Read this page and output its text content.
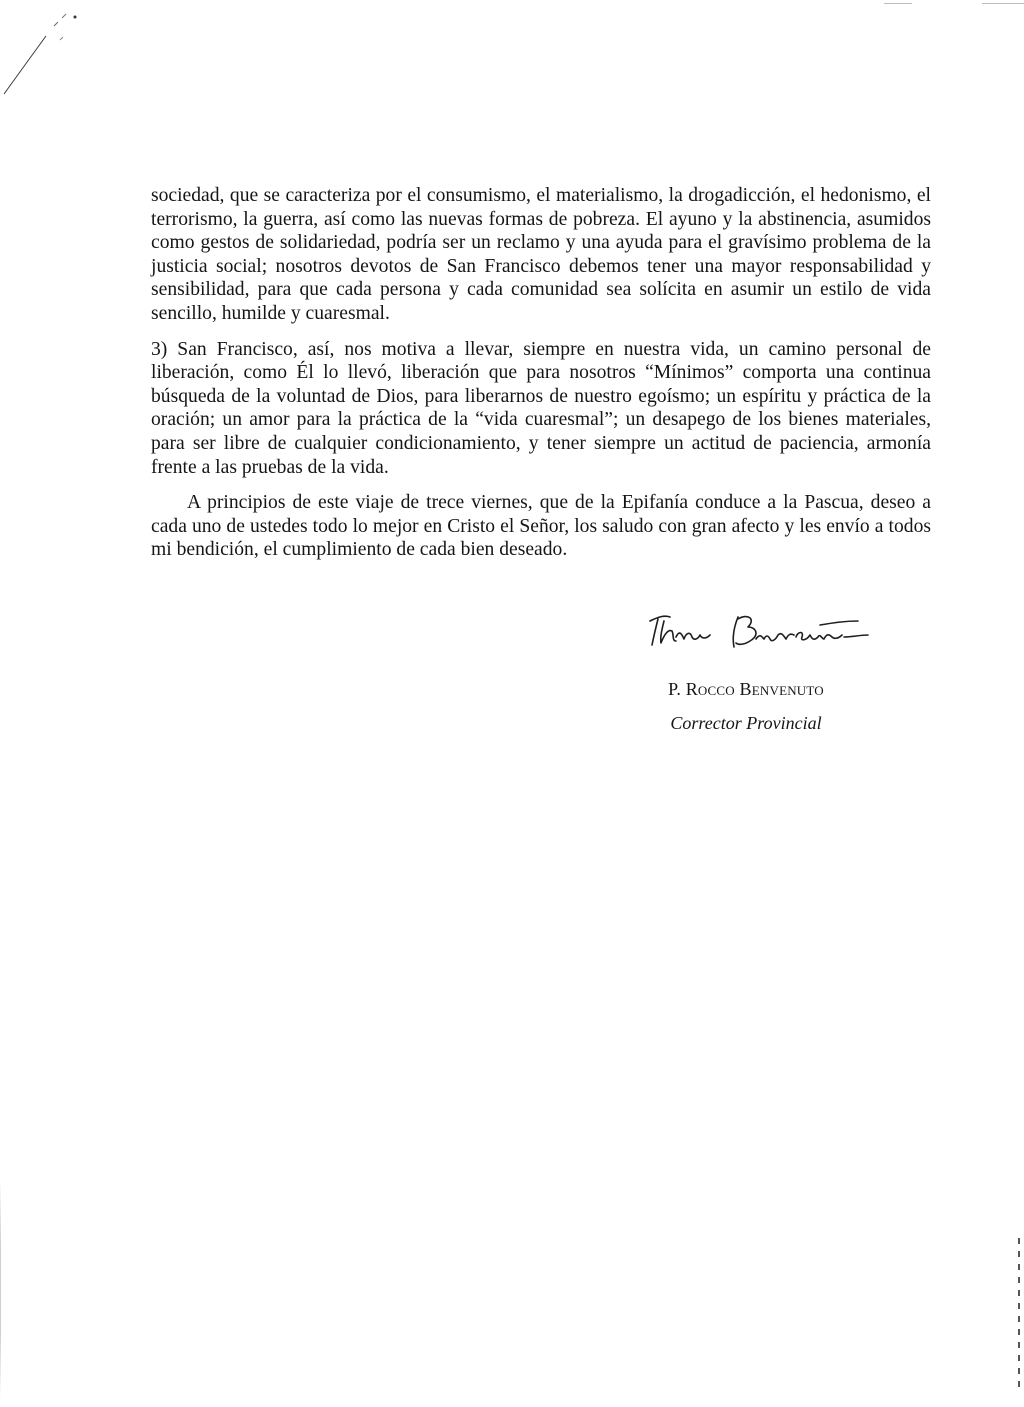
sociedad, que se caracteriza por el consumismo, el materialismo, la drogadicción, el hedonismo, el terrorismo, la guerra, así como las nuevas formas de pobreza. El ayuno y la abstinencia, asumidos como gestos de solidariedad, podría ser un reclamo y una ayuda para el gravísimo problema de la justicia social; nosotros devotos de San Francisco debemos tener una mayor responsabilidad y sensibilidad, para que cada persona y cada comunidad sea solícita en asumir un estilo de vida sencillo, humilde y cuaresmal.

3) San Francisco, así, nos motiva a llevar, siempre en nuestra vida, un camino personal de liberación, como Él lo llevó, liberación que para nosotros “Mínimos” comporta una continua búsqueda de la voluntad de Dios, para liberarnos de nuestro egoísmo; un espíritu y práctica de la oración; un amor para la práctica de la “vida cuaresmal”; un desapego de los bienes materiales, para ser libre de cualquier condicionamiento, y tener siempre un actitud de paciencia, armonía frente a las pruebas de la vida.

A principios de este viaje de trece viernes, que de la Epifanía conduce a la Pascua, deseo a cada uno de ustedes todo lo mejor en Cristo el Señor, los saludo con gran afecto y les envío a todos mi bendición, el cumplimiento de cada bien deseado.

P. Rocco Benvenuto
Corrector Provincial
